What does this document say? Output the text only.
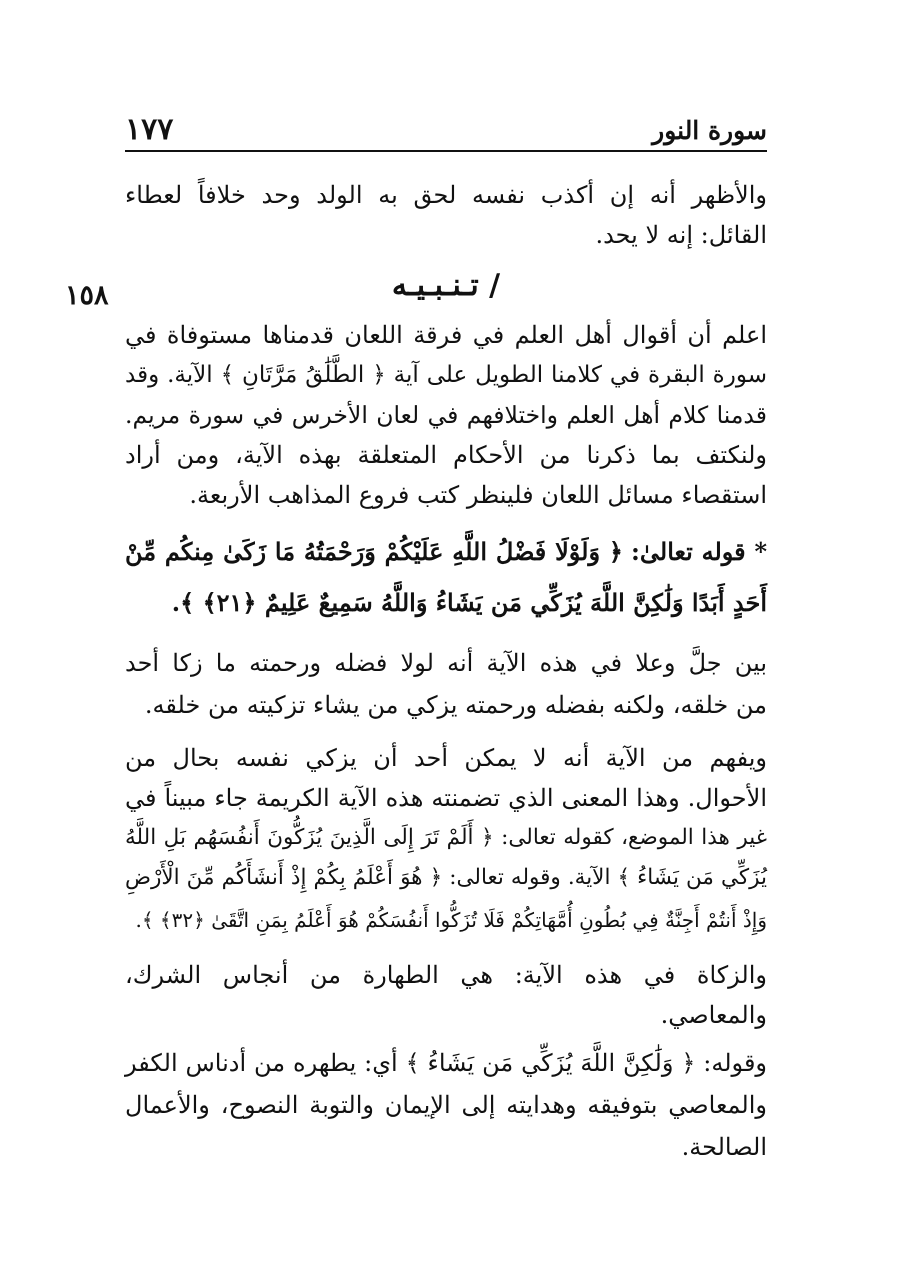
سورة النور
١٧٧
١٥٨
والأظهر أنه إن أكذب نفسه لحق به الولد وحد خلافاً لعطاء
القائل: إنه لا يحد.
/ تـنـبـيـه
اعلم أن أقوال أهل العلم في فرقة اللعان قدمناها مستوفاة في
سورة البقرة في كلامنا الطويل على آية ﴿ الطَّلَٰقُ مَرَّتَانِ ﴾ الآية. وقد
قدمنا كلام أهل العلم واختلافهم في لعان الأخرس في سورة مريم.
ولنكتف بما ذكرنا من الأحكام المتعلقة بهذه الآية، ومن أراد
استقصاء مسائل اللعان فلينظر كتب فروع المذاهب الأربعة.
* قوله تعالىٰ: ﴿ وَلَوْلَا فَضْلُ اللَّهِ عَلَيْكُمْ وَرَحْمَتُهُ مَا زَكَىٰ مِنكُم مِّنْ
أَحَدٍ أَبَدًا وَلَٰكِنَّ اللَّهَ يُزَكِّي مَن يَشَاءُ وَاللَّهُ سَمِيعٌ عَلِيمٌ ﴿٢١﴾ ﴾.
بين جلَّ وعلا في هذه الآية أنه لولا فضله ورحمته ما زكا أحد
من خلقه، ولكنه بفضله ورحمته يزكي من يشاء تزكيته من خلقه.
ويفهم من الآية أنه لا يمكن أحد أن يزكي نفسه بحال من
الأحوال. وهذا المعنى الذي تضمنته هذه الآية الكريمة جاء مبيناً في
غير هذا الموضع، كقوله تعالى: ﴿ أَلَمْ تَرَ إِلَى الَّذِينَ يُزَكُّونَ أَنفُسَهُم بَلِ اللَّهُ
يُزَكِّي مَن يَشَاءُ ﴾ الآية. وقوله تعالى: ﴿ هُوَ أَعْلَمُ بِكُمْ إِذْ أَنشَأَكُم مِّنَ الْأَرْضِ
وَإِذْ أَنتُمْ أَجِنَّةٌ فِي بُطُونِ أُمَّهَاتِكُمْ فَلَا تُزَكُّوا أَنفُسَكُمْ هُوَ أَعْلَمُ بِمَنِ اتَّقَىٰ ﴿٣٢﴾ ﴾.
والزكاة في هذه الآية: هي الطهارة من أنجاس الشرك،
والمعاصي.
وقوله: ﴿ وَلَٰكِنَّ اللَّهَ يُزَكِّي مَن يَشَاءُ ﴾ أي: يطهره من أدناس الكفر
والمعاصي بتوفيقه وهدايته إلى الإيمان والتوبة النصوح، والأعمال
الصالحة.
